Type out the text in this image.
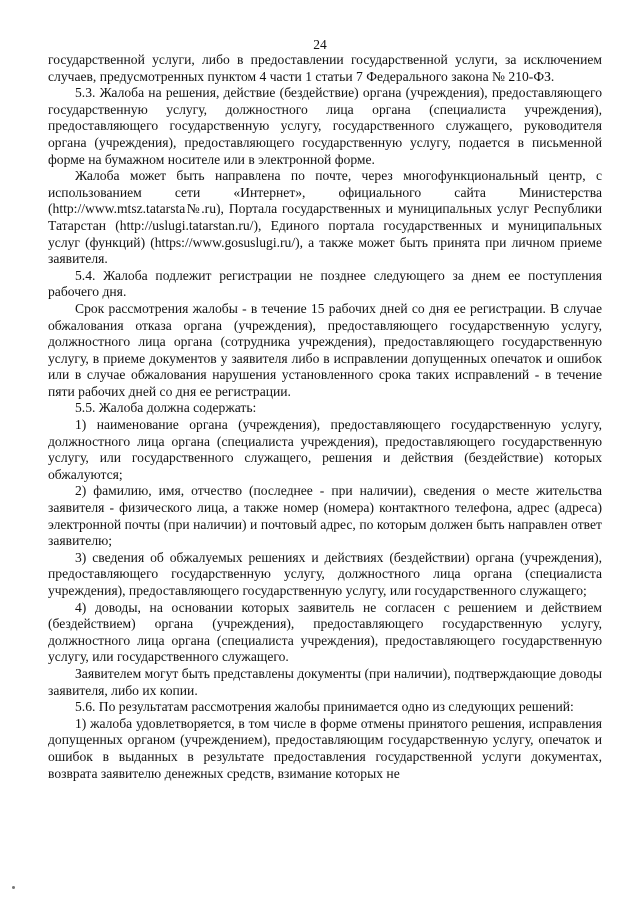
24

государственной услуги, либо в предоставлении государственной услуги, за исключением случаев, предусмотренных пунктом 4 части 1 статьи 7 Федерального закона № 210-ФЗ.

5.3. Жалоба на решения, действие (бездействие) органа (учреждения), предоставляющего государственную услугу, должностного лица органа (специалиста учреждения), предоставляющего государственную услугу, государственного служащего, руководителя органа (учреждения), предоставляющего государственную услугу, подается в письменной форме на бумажном носителе или в электронной форме.

Жалоба может быть направлена по почте, через многофункциональный центр, с использованием сети «Интернет», официального сайта Министерства (http://www.mtsz.tatarsta№.ru), Портала государственных и муниципальных услуг Республики Татарстан (http://uslugi.tatarstan.ru/), Единого портала государственных и муниципальных услуг (функций) (https://www.gosuslugi.ru/), а также может быть принята при личном приеме заявителя.

5.4. Жалоба подлежит регистрации не позднее следующего за днем ее поступления рабочего дня.

Срок рассмотрения жалобы - в течение 15 рабочих дней со дня ее регистрации. В случае обжалования отказа органа (учреждения), предоставляющего государственную услугу, должностного лица органа (сотрудника учреждения), предоставляющего государственную услугу, в приеме документов у заявителя либо в исправлении допущенных опечаток и ошибок или в случае обжалования нарушения установленного срока таких исправлений - в течение пяти рабочих дней со дня ее регистрации.

5.5. Жалоба должна содержать:

1) наименование органа (учреждения), предоставляющего государственную услугу, должностного лица органа (специалиста учреждения), предоставляющего государственную услугу, или государственного служащего, решения и действия (бездействие) которых обжалуются;

2) фамилию, имя, отчество (последнее - при наличии), сведения о месте жительства заявителя - физического лица, а также номер (номера) контактного телефона, адрес (адреса) электронной почты (при наличии) и почтовый адрес, по которым должен быть направлен ответ заявителю;

3) сведения об обжалуемых решениях и действиях (бездействии) органа (учреждения), предоставляющего государственную услугу, должностного лица органа (специалиста учреждения), предоставляющего государственную услугу, или государственного служащего;

4) доводы, на основании которых заявитель не согласен с решением и действием (бездействием) органа (учреждения), предоставляющего государственную услугу, должностного лица органа (специалиста учреждения), предоставляющего государственную услугу, или государственного служащего.

Заявителем могут быть представлены документы (при наличии), подтверждающие доводы заявителя, либо их копии.

5.6. По результатам рассмотрения жалобы принимается одно из следующих решений:

1) жалоба удовлетворяется, в том числе в форме отмены принятого решения, исправления допущенных органом (учреждением), предоставляющим государственную услугу, опечаток и ошибок в выданных в результате предоставления государственной услуги документах, возврата заявителю денежных средств, взимание которых не
